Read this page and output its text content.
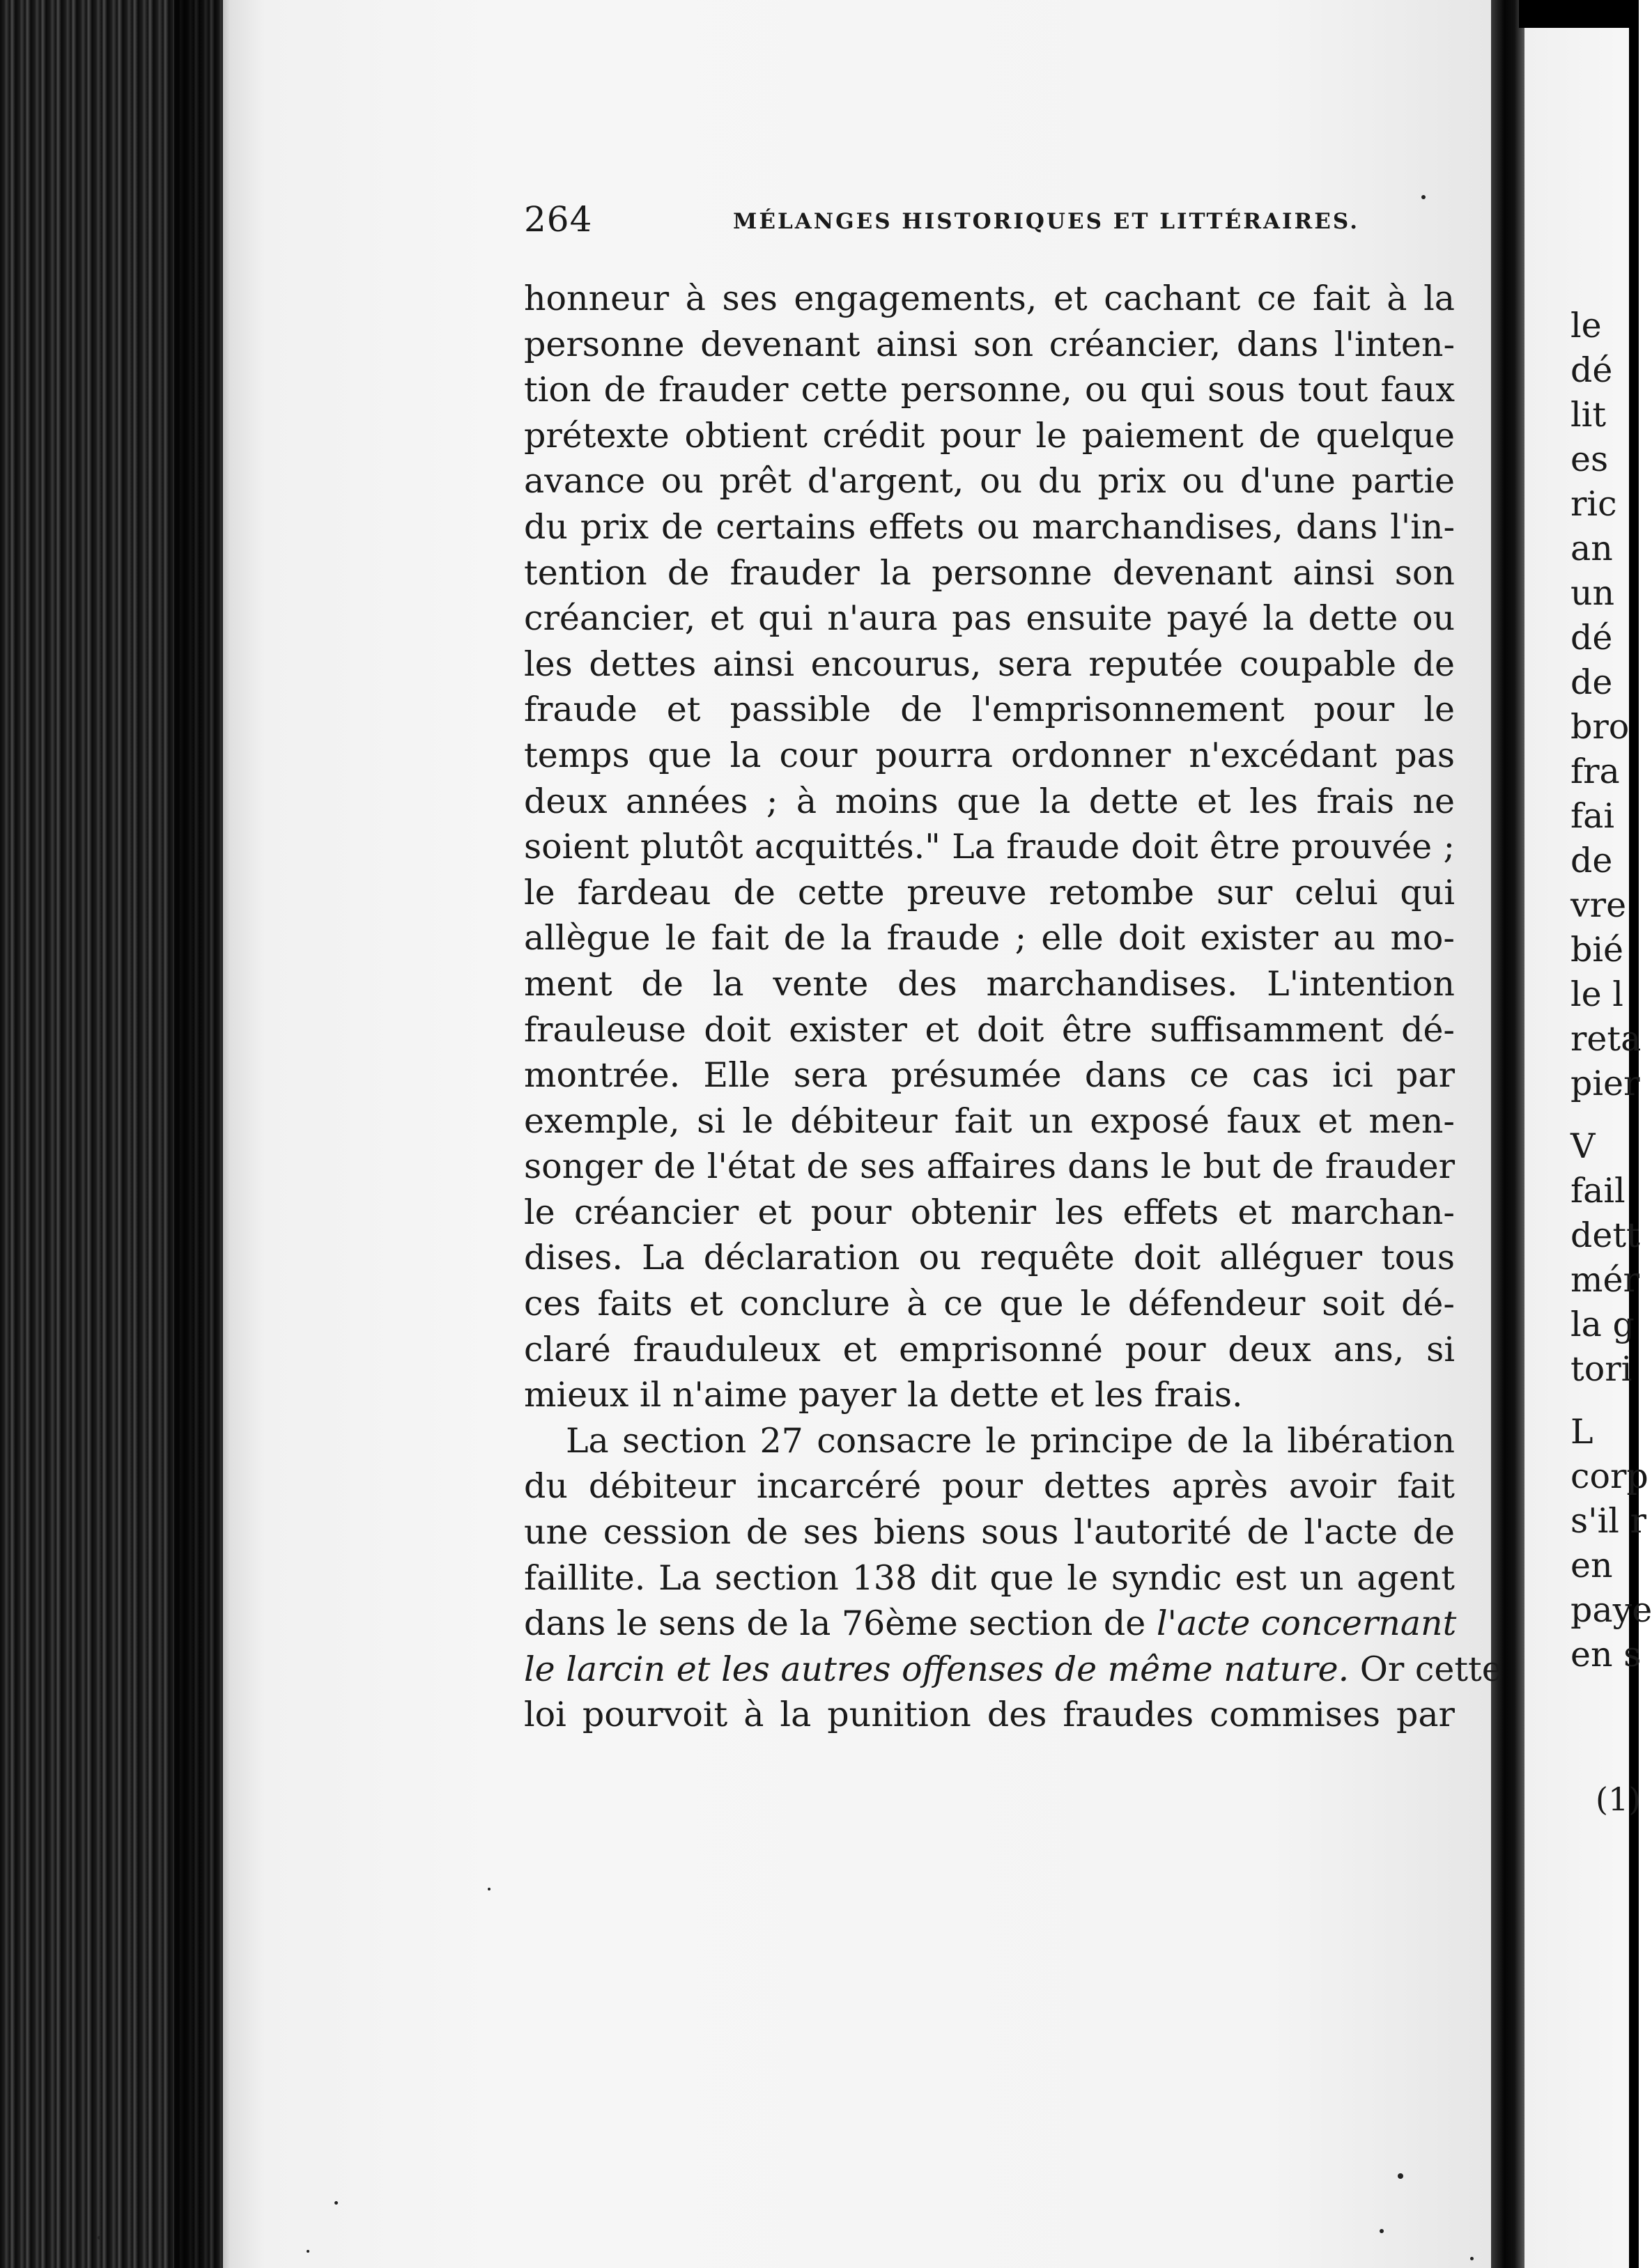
264	MÉLANGES HISTORIQUES ET LITTÉRAIRES.
honneur à ses engagements, et cachant ce fait à la
personne devenant ainsi son créancier, dans l'inten-
tion de frauder cette personne, ou qui sous tout faux
prétexte obtient crédit pour le paiement de quelque
avance ou prêt d'argent, ou du prix ou d'une partie
du prix de certains effets ou marchandises, dans l'in-
tention de frauder la personne devenant ainsi son
créancier, et qui n'aura pas ensuite payé la dette ou
les dettes ainsi encourus, sera reputée coupable de
fraude et passible de l'emprisonnement pour le
temps que la cour pourra ordonner n'excédant pas
deux années ; à moins que la dette et les frais ne
soient plutôt acquittés." La fraude doit être prouvée ;
le fardeau de cette preuve retombe sur celui qui
allègue le fait de la fraude ; elle doit exister au mo-
ment de la vente des marchandises. L'intention
frauleuse doit exister et doit être suffisamment dé-
montrée. Elle sera présumée dans ce cas ici par
exemple, si le débiteur fait un exposé faux et men-
songer de l'état de ses affaires dans le but de frauder
le créancier et pour obtenir les effets et marchan-
dises. La déclaration ou requête doit alléguer tous
ces faits et conclure à ce que le défendeur soit dé-
claré frauduleux et emprisonné pour deux ans, si
mieux il n'aime payer la dette et les frais.
La section 27 consacre le principe de la libération
du débiteur incarcéré pour dettes après avoir fait
une cession de ses biens sous l'autorité de l'acte de
faillite. La section 138 dit que le syndic est un agent
dans le sens de la 76ème section de l'acte concernant
le larcin et les autres offenses de même nature. Or cette
loi pourvoit à la punition des fraudes commises par
le
dé
lit
es
ric
an
un
dé
de
bro
fra
fai
de
vre
bié
le l
reta
pier
V
fail
dett
mér
la g
tori
L
corp
s'il r
en
paye
en s
(1)
